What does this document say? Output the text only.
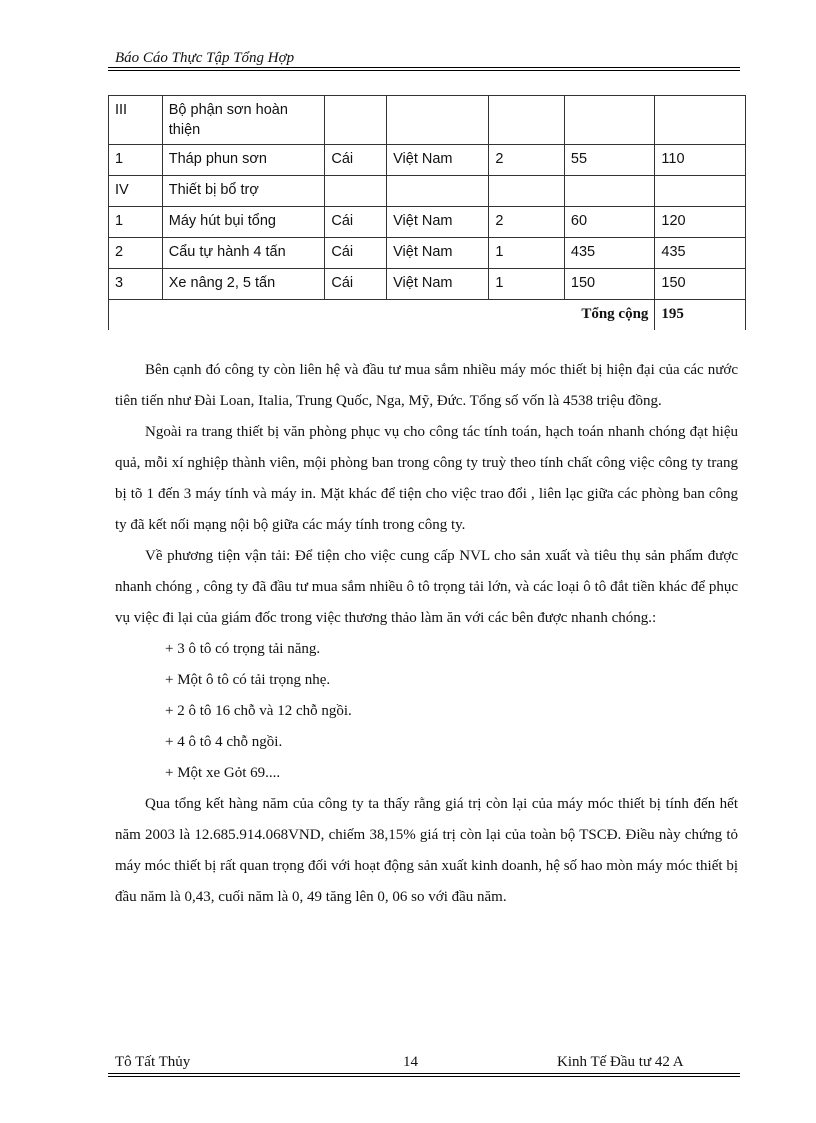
Báo Cáo Thực Tập Tổng Hợp
III	Bộ phận sơn hoàn thiện					
1	Tháp phun sơn	Cái	Việt Nam	2	55	110
IV	Thiết bị bổ trợ					
1	Máy hút bụi tổng	Cái	Việt Nam	2	60	120
2	Cẩu tự hành 4 tấn	Cái	Việt Nam	1	435	435
3	Xe nâng 2, 5 tấn	Cái	Việt Nam	1	150	150
Tổng cộng						195

Bên cạnh đó công ty còn liên hệ và đầu tư mua sắm nhiều máy móc thiết bị hiện đại của các nước tiên tiến như Đài Loan, Italia, Trung Quốc, Nga, Mỹ, Đức. Tổng số vốn là 4538 triệu đồng.

Ngoài ra trang thiết bị văn phòng phục vụ cho công tác tính toán, hạch toán nhanh chóng đạt hiệu quả, mỗi xí nghiệp thành viên, mội phòng ban trong công ty truỳ theo tính chất công việc công ty trang bị tõ 1 đến 3 máy tính và máy in. Mặt khác để tiện cho việc trao đổi , liên lạc giữa các phòng ban công ty đã kết nối mạng nội bộ giữa các máy tính trong công ty.

Về phương tiện vận tải: Để tiện cho việc cung cấp NVL cho sản xuất và tiêu thụ sản phẩm được nhanh chóng , công ty đã đầu tư mua sắm nhiều ô tô trọng tải lớn, và các loại ô tô đắt tiền khác để phục vụ việc đi lại của giám đốc trong việc thương thảo làm ăn với các bên được nhanh chóng.:

+ 3 ô tô có trọng tải năng.

+ Một ô tô có tải trọng nhẹ.

+ 2 ô tô 16 chỗ và 12 chỗ ngồi.

+ 4 ô tô 4 chỗ ngồi.

+ Một xe Gỏt 69....

Qua tổng kết hàng năm của công ty ta thấy rằng giá trị còn lại của máy móc thiết bị tính đến hết năm 2003 là 12.685.914.068VND, chiếm 38,15% giá trị còn lại của toàn bộ TSCĐ. Điều này chứng tỏ máy móc thiết bị rất quan trọng đối với hoạt động sản xuất kinh doanh, hệ số hao mòn máy móc thiết bị đầu năm là 0,43, cuối năm là 0, 49 tăng lên 0, 06 so với đầu năm.

Tô Tất Thủy	14	Kinh Tế Đầu tư 42 A
